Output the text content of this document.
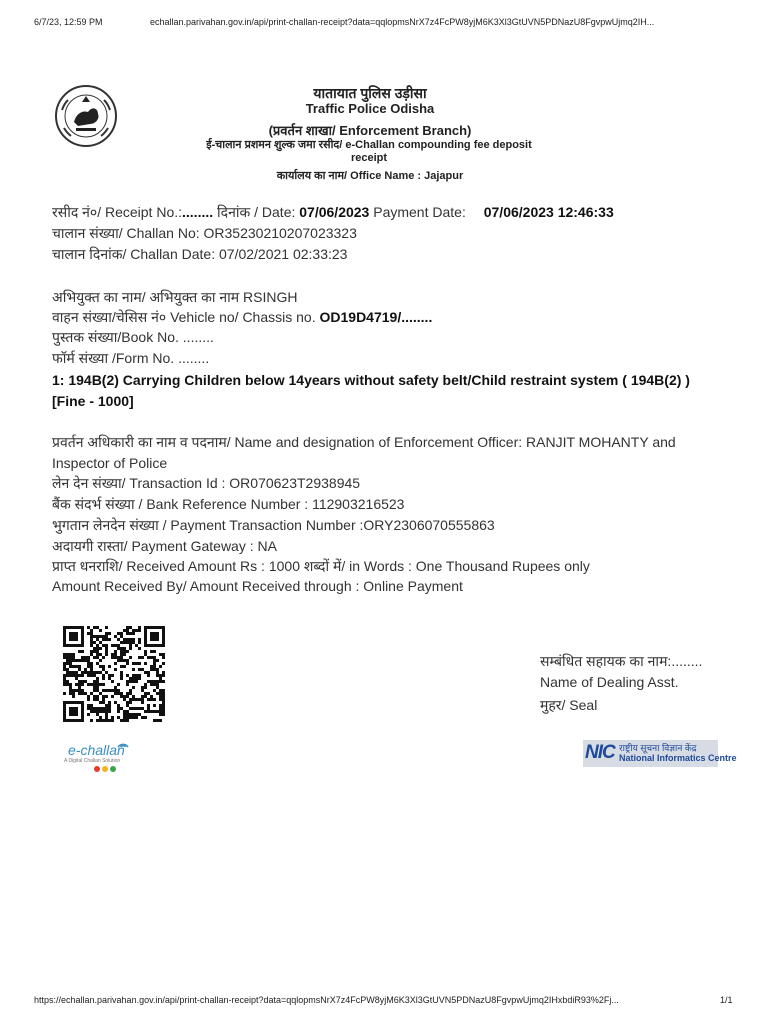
6/7/23, 12:59 PM	echallan.parivahan.gov.in/api/print-challan-receipt?data=qqlopmsNrX7z4FcPW8yjM6K3Xl3GtUVN5PDNazU8FgvpwUjmq2IH...
यातायात पुलिस उड़ीसा
Traffic Police Odisha
(प्रवर्तन शाखा/ Enforcement Branch)
ई-चालान प्रशमन शुल्क जमा रसीद/ e-Challan compounding fee deposit receipt
कार्यालय का नाम/ Office Name : Jajapur
रसीद नं०/ Receipt No.:........ दिनांक / Date: 07/06/2023 Payment Date: 07/06/2023 12:46:33
चालान संख्या/ Challan No: OR35230210207023323
चालान दिनांक/ Challan Date: 07/02/2021 02:33:23
अभियुक्त का नाम/ अभियुक्त का नाम RSINGH
वाहन संख्या/चेसिस नं० Vehicle no/ Chassis no. OD19D4719/........
पुस्तक संख्या/Book No. ........
फॉर्म संख्या /Form No. ........
1: 194B(2) Carrying Children below 14years without safety belt/Child restraint system ( 194B(2) )[Fine - 1000]
प्रवर्तन अधिकारी का नाम व पदनाम/ Name and designation of Enforcement Officer: RANJIT MOHANTY and Inspector of Police
लेन देन संख्या/ Transaction Id : OR070623T2938945
बैंक संदर्भ संख्या / Bank Reference Number : 112903216523
भुगतान लेनदेन संख्या / Payment Transaction Number :ORY2306070555863
अदायगी रास्ता/ Payment Gateway : NA
प्राप्त धनराशि/ Received Amount Rs : 1000 शब्दों में/ in Words : One Thousand Rupees only
Amount Received By/ Amount Received through : Online Payment
e-challan
A Digital Challan Solution
सम्बंधित सहायक का नाम:........
Name of Dealing Asst.
मुहर/ Seal
NIC राष्ट्रीय सूचना विज्ञान केंद्र
National Informatics Centre
https://echallan.parivahan.gov.in/api/print-challan-receipt?data=qqlopmsNrX7z4FcPW8yjM6K3Xl3GtUVN5PDNazU8FgvpwUjmq2IHxbdiR93%2Fj...	1/1
